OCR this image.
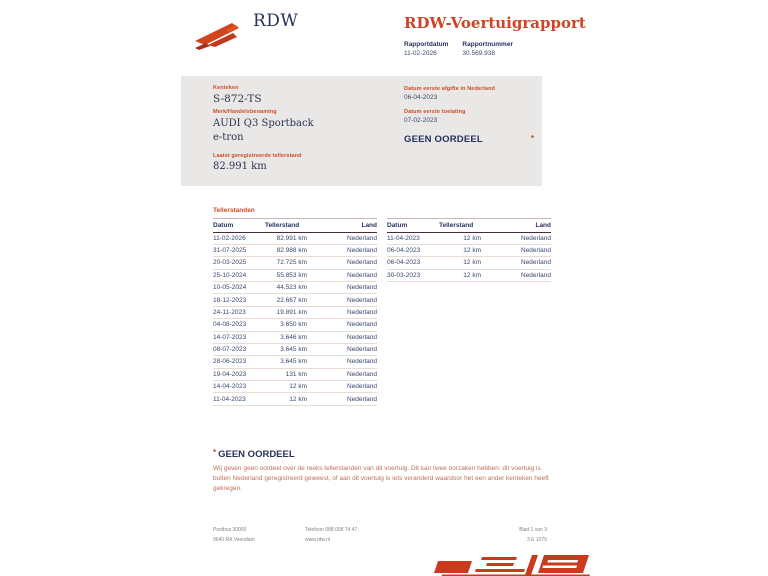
RDW	RDW-Voertuigrapport
Rapportdatum
11-02-2026
Rapportnummer
30.569.938
Kenteken
S-872-TS
Merk/Handelsbenaming
AUDI Q3 Sportback
e-tron
Laatst geregistreerde tellerstand
82.991 km
Datum eerste afgifte in Nederland
06-04-2023
Datum eerste toelating
07-02-2023
GEEN OORDEEL	*
Tellerstanden
Datum	Tellerstand	Land
11-02-2026	82.991 km	Nederland
31-07-2025	82.988 km	Nederland
20-03-2025	72.725 km	Nederland
25-10-2024	55.853 km	Nederland
10-05-2024	44.523 km	Nederland
18-12-2023	22.667 km	Nederland
24-11-2023	19.891 km	Nederland
04-08-2023	3.650 km	Nederland
14-07-2023	3.646 km	Nederland
08-07-2023	3.645 km	Nederland
28-06-2023	3.645 km	Nederland
19-04-2023	131 km	Nederland
14-04-2023	12 km	Nederland
11-04-2023	12 km	Nederland
Datum	Tellerstand	Land
11-04-2023	12 km	Nederland
06-04-2023	12 km	Nederland
06-04-2023	12 km	Nederland
30-03-2023	12 km	Nederland
* GEEN OORDEEL

Wij geven geen oordeel over de reeks tellerstanden van dit voertuig. Dit kan twee oorzaken hebben: dit voertuig is buiten Nederland geregistreerd geweest, of aan dit voertuig is iets veranderd waardoor het een ander kenteken heeft gekregen.

Postbus 30000
9640 RA Veendam
Telefoon 088 008 74 47
www.rdw.nl
Blad 1 van 3
3 E 1075
